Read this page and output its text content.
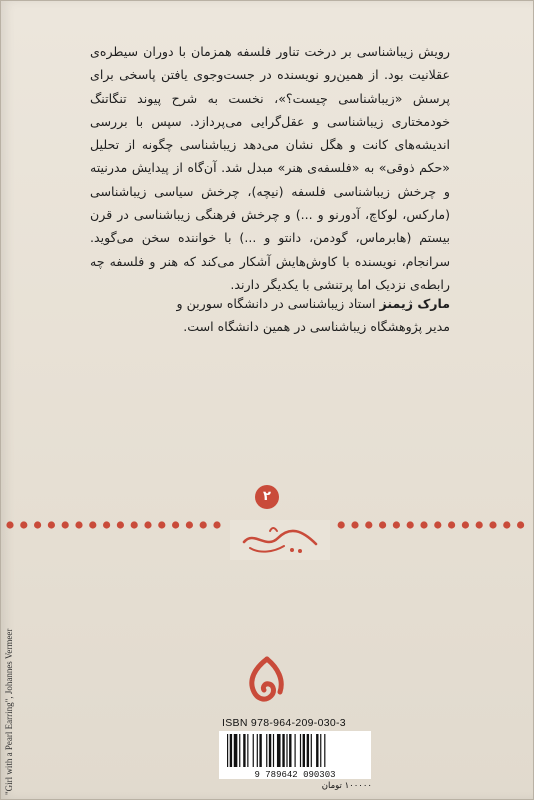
رویش زیباشناسی بر درخت تناور فلسفه همزمان با دوران سیطره‌ی عقلانیت بود. از همین‌رو نویسنده در جست‌وجوی یافتن پاسخی برای پرسش «زیباشناسی چیست؟»، نخست به شرح پیوند تنگاتنگ خودمختاری زیباشناسی و عقل‌گرایی می‌پردازد. سپس با بررسی اندیشه‌های کانت و هگل نشان می‌دهد زیباشناسی چگونه از تحلیل «حکم ذوقی» به «فلسفه‌ی هنر» مبدل شد. آن‌گاه از پیدایش مدرنیته و چرخش زیباشناسی فلسفه (نیچه)، چرخش سیاسی زیباشناسی (مارکس، لوکاچ، آدورنو و ...) و چرخش فرهنگی زیباشناسی در قرن بیستم (هابرماس، گودمن، دانتو و ...) با خواننده سخن می‌گوید. سرانجام، نویسنده با کاوش‌هایش آشکار می‌کند که هنر و فلسفه چه رابطه‌ی نزدیک اما پرتنشی با یکدیگر دارند.

مارک ژیمنز استاد زیباشناسی در دانشگاه سوربن و مدیر پژوهشگاه زیباشناسی در همین دانشگاه است.
۲
"Girl with a Pearl Earring", Johannes Vermeer	ISBN 978-964-209-030-3
9 789642 090303
۱۰۰۰۰۰ تومان
